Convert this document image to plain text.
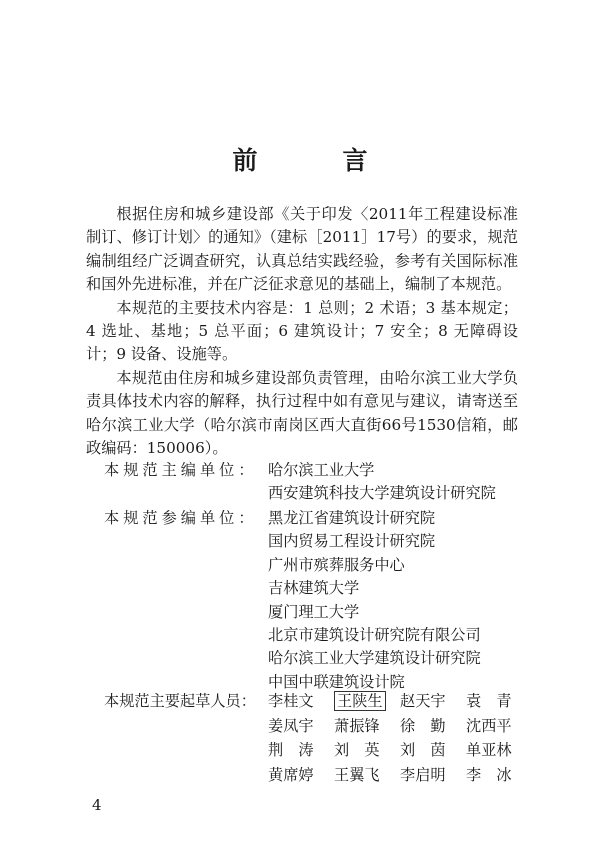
前　言

根据住房和城乡建设部《关于印发〈2011年工程建设标准制订、修订计划〉的通知》（建标［2011］17号）的要求，规范编制组经广泛调查研究，认真总结实践经验，参考有关国际标准和国外先进标准，并在广泛征求意见的基础上，编制了本规范。

本规范的主要技术内容是：1 总则；2 术语；3 基本规定；4 选址、基地；5 总平面；6 建筑设计；7 安全；8 无障碍设计；9 设备、设施等。

本规范由住房和城乡建设部负责管理，由哈尔滨工业大学负责具体技术内容的解释，执行过程中如有意见与建议，请寄送至哈尔滨工业大学（哈尔滨市南岗区西大直街66号1530信箱，邮政编码：150006）。

本规范主编单位： 哈尔滨工业大学
西安建筑科技大学建筑设计研究院
本规范参编单位： 黑龙江省建筑设计研究院
国内贸易工程设计研究院
广州市殡葬服务中心
吉林建筑大学
厦门理工大学
北京市建筑设计研究院有限公司
哈尔滨工业大学建筑设计研究院
中国中联建筑设计院
本规范主要起草人员： 李桂文	王陕生	赵天宇	袁　青
姜凤宇	萧振锋	徐　勤	沈西平
荆　涛	刘　英	刘　茵	单亚林
黄席婷	王翼飞	李启明	李　冰
4
